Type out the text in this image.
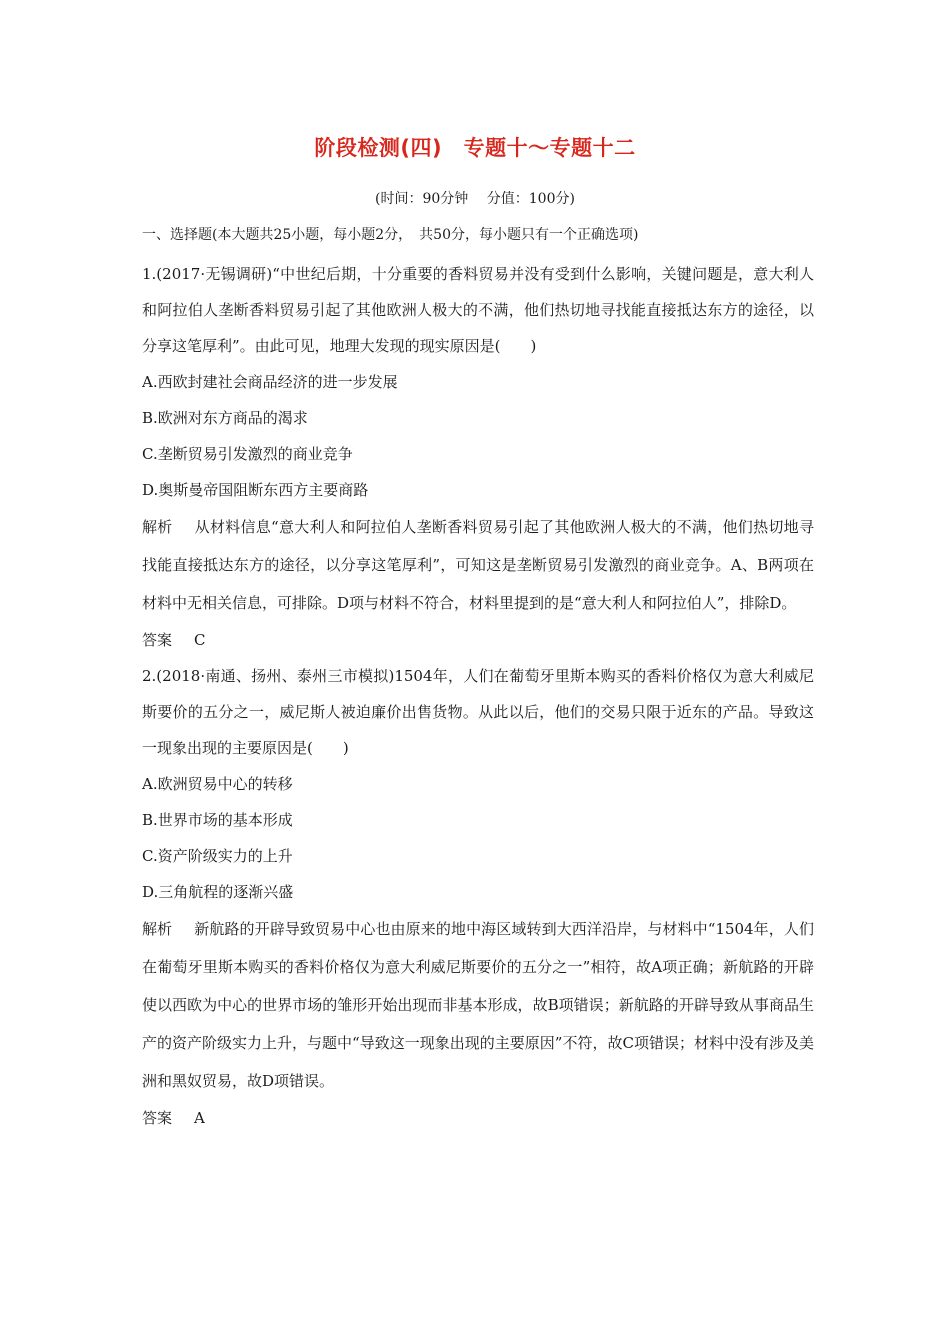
阶段检测(四)　专题十～专题十二
(时间：90分钟　 分值：100分)
一、选择题(本大题共25小题，每小题2分，　共50分，每小题只有一个正确选项)

1.(2017·无锡调研)“中世纪后期，十分重要的香料贸易并没有受到什么影响，关键问题是，意大利人和阿拉伯人垄断香料贸易引起了其他欧洲人极大的不满，他们热切地寻找能直接抵达东方的途径，以分享这笔厚利”。由此可见，地理大发现的现实原因是(　　)

A.西欧封建社会商品经济的进一步发展

B.欧洲对东方商品的渴求

C.垄断贸易引发激烈的商业竞争

D.奥斯曼帝国阻断东西方主要商路

解析 从材料信息“意大利人和阿拉伯人垄断香料贸易引起了其他欧洲人极大的不满，他们热切地寻找能直接抵达东方的途径，以分享这笔厚利”，可知这是垄断贸易引发激烈的商业竞争。A、B两项在材料中无相关信息，可排除。D项与材料不符合，材料里提到的是“意大利人和阿拉伯人”，排除D。

答案 C

2.(2018·南通、扬州、泰州三市模拟)1504年，人们在葡萄牙里斯本购买的香料价格仅为意大利威尼斯要价的五分之一，威尼斯人被迫廉价出售货物。从此以后，他们的交易只限于近东的产品。导致这一现象出现的主要原因是(　　)

A.欧洲贸易中心的转移

B.世界市场的基本形成

C.资产阶级实力的上升

D.三角航程的逐渐兴盛

解析 新航路的开辟导致贸易中心也由原来的地中海区域转到大西洋沿岸，与材料中“1504年，人们在葡萄牙里斯本购买的香料价格仅为意大利威尼斯要价的五分之一”相符，故A项正确；新航路的开辟使以西欧为中心的世界市场的雏形开始出现而非基本形成，故B项错误；新航路的开辟导致从事商品生产的资产阶级实力上升，与题中“导致这一现象出现的主要原因”不符，故C项错误；材料中没有涉及美洲和黑奴贸易，故D项错误。

答案 A
